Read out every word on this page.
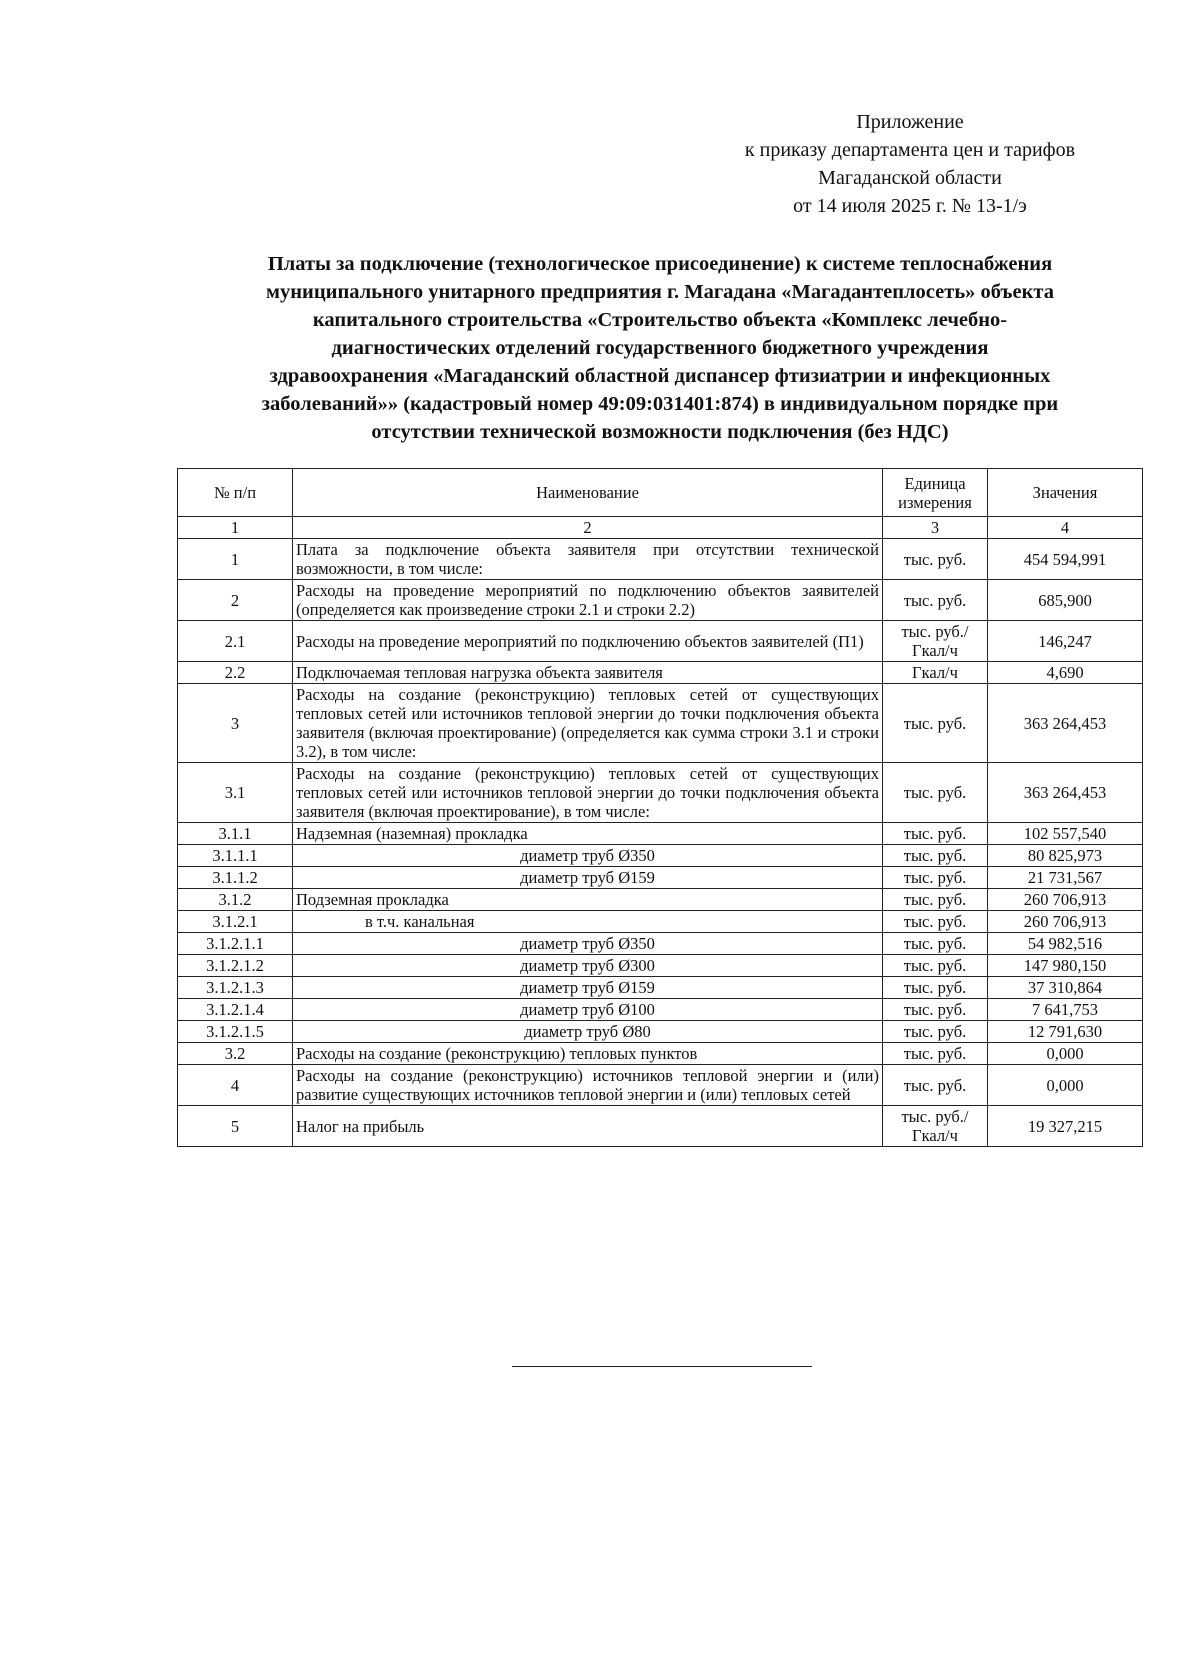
Приложение
к приказу департамента цен и тарифов
Магаданской области
от 14 июля 2025 г. № 13-1/э
Платы за подключение (технологическое присоединение) к системе теплоснабжения
муниципального унитарного предприятия г. Магадана «Магадантеплосеть» объекта
капитального строительства «Строительство объекта «Комплекс лечебно-
диагностических отделений государственного бюджетного учреждения
здравоохранения «Магаданский областной диспансер фтизиатрии и инфекционных
заболеваний»» (кадастровый номер 49:09:031401:874) в индивидуальном порядке при
отсутствии технической возможности подключения (без НДС)
№ п/п	Наименование	Единица измерения	Значения
1	2	3	4
1	Плата за подключение объекта заявителя при отсутствии технической возможности, в том числе:	тыс. руб.	454 594,991
2	Расходы на проведение мероприятий по подключению объектов заявителей (определяется как произведение строки 2.1 и строки 2.2)	тыс. руб.	685,900
2.1	Расходы на проведение мероприятий по подключению объектов заявителей (П1)	тыс. руб./ Гкал/ч	146,247
2.2	Подключаемая тепловая нагрузка объекта заявителя	Гкал/ч	4,690
3	Расходы на создание (реконструкцию) тепловых сетей от существующих тепловых сетей или источников тепловой энергии до точки подключения объекта заявителя (включая проектирование) (определяется как сумма строки 3.1 и строки 3.2), в том числе:	тыс. руб.	363 264,453
3.1	Расходы на создание (реконструкцию) тепловых сетей от существующих тепловых сетей или источников тепловой энергии до точки подключения объекта заявителя (включая проектирование), в том числе:	тыс. руб.	363 264,453
3.1.1	Надземная (наземная) прокладка	тыс. руб.	102 557,540
3.1.1.1	диаметр труб Ø350	тыс. руб.	80 825,973
3.1.1.2	диаметр труб Ø159	тыс. руб.	21 731,567
3.1.2	Подземная прокладка	тыс. руб.	260 706,913
3.1.2.1	в т.ч. канальная	тыс. руб.	260 706,913
3.1.2.1.1	диаметр труб Ø350	тыс. руб.	54 982,516
3.1.2.1.2	диаметр труб Ø300	тыс. руб.	147 980,150
3.1.2.1.3	диаметр труб Ø159	тыс. руб.	37 310,864
3.1.2.1.4	диаметр труб Ø100	тыс. руб.	7 641,753
3.1.2.1.5	диаметр труб Ø80	тыс. руб.	12 791,630
3.2	Расходы на создание (реконструкцию) тепловых пунктов	тыс. руб.	0,000
4	Расходы на создание (реконструкцию) источников тепловой энергии и (или) развитие существующих источников тепловой энергии и (или) тепловых сетей	тыс. руб.	0,000
5	Налог на прибыль	тыс. руб./ Гкал/ч	19 327,215
